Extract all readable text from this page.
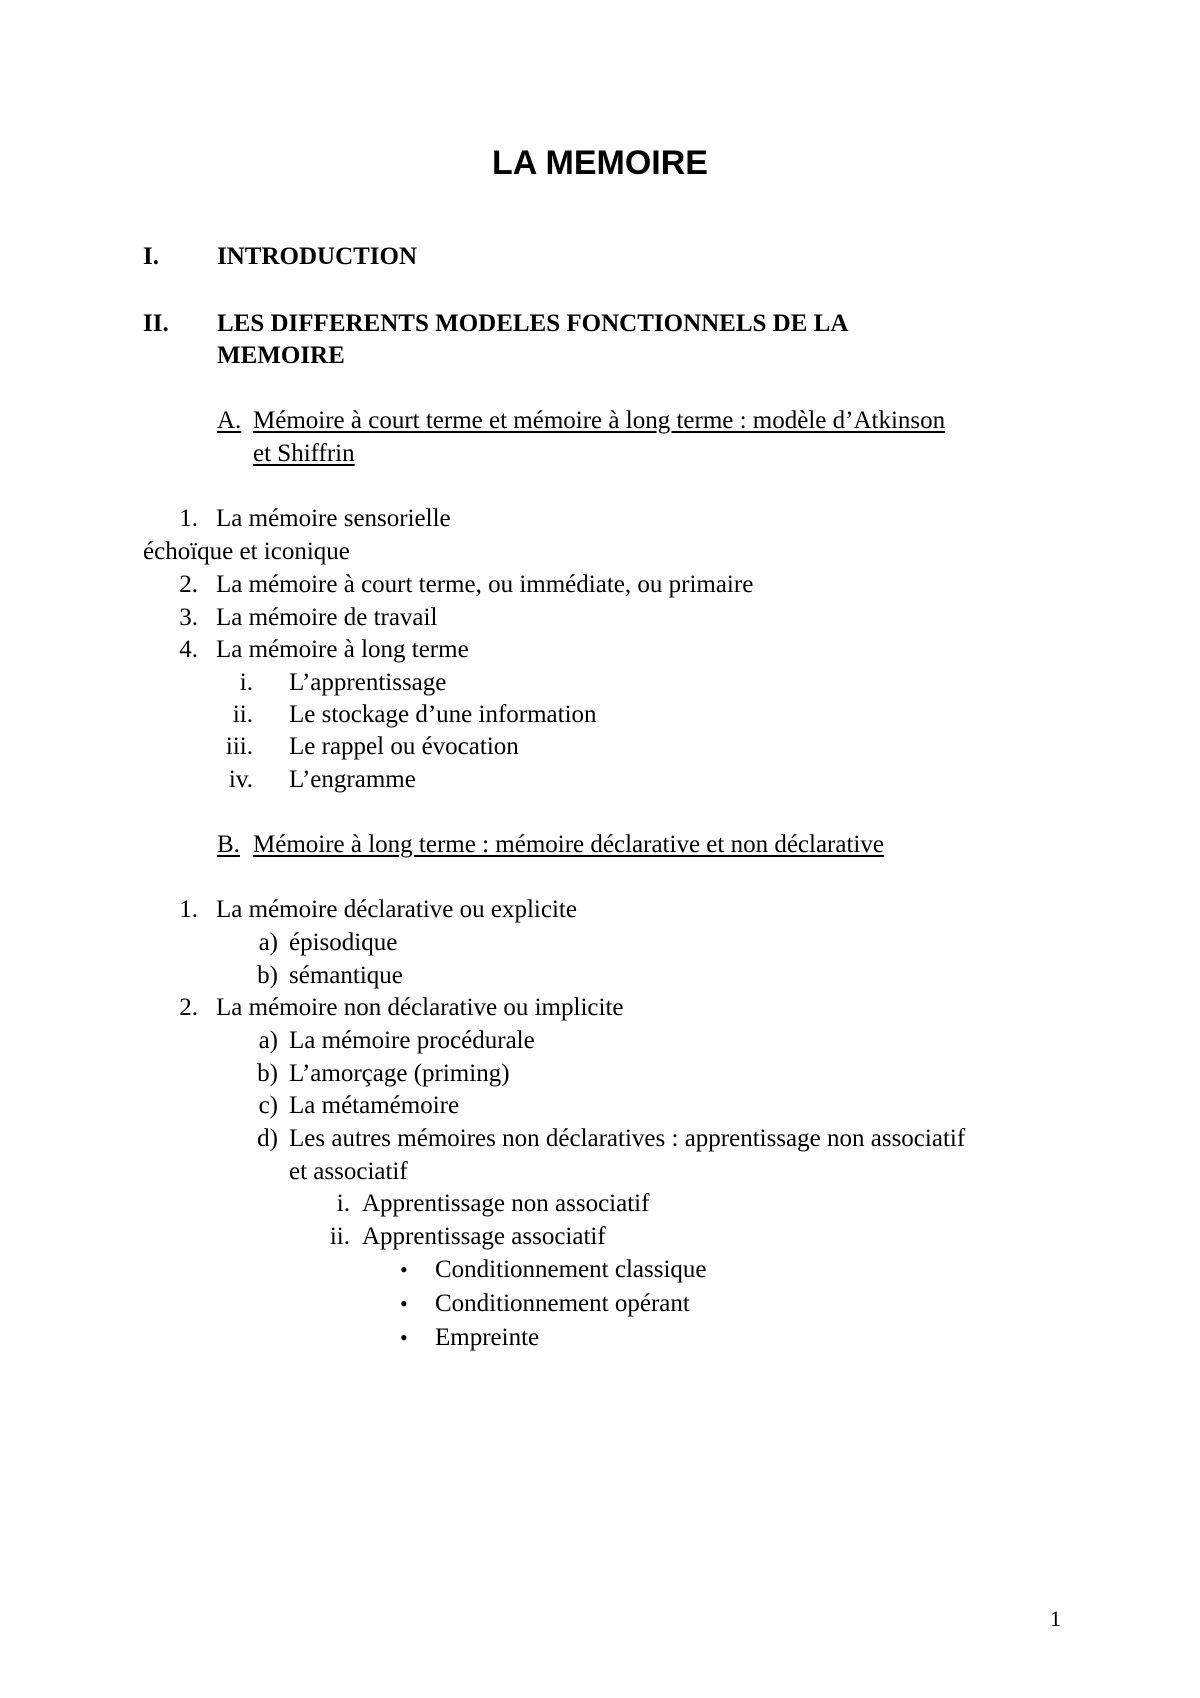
LA MEMOIRE
I. INTRODUCTION
II. LES DIFFERENTS MODELES FONCTIONNELS DE LA
MEMOIRE
A. Mémoire à court terme et mémoire à long terme : modèle d’Atkinson
et Shiffrin
1. La mémoire sensorielle
échoïque et iconique
2. La mémoire à court terme, ou immédiate, ou primaire
3. La mémoire de travail
4. La mémoire à long terme
i. L’apprentissage
ii. Le stockage d’une information
iii. Le rappel ou évocation
iv. L’engramme
B. Mémoire à long terme : mémoire déclarative et non déclarative
1. La mémoire déclarative ou explicite
a) épisodique
b) sémantique
2. La mémoire non déclarative ou implicite
a) La mémoire procédurale
b) L’amorçage (priming)
c) La métamémoire
d) Les autres mémoires non déclaratives : apprentissage non associatif
et associatif
i. Apprentissage non associatif
ii. Apprentissage associatif
• Conditionnement classique
• Conditionnement opérant
• Empreinte
1
